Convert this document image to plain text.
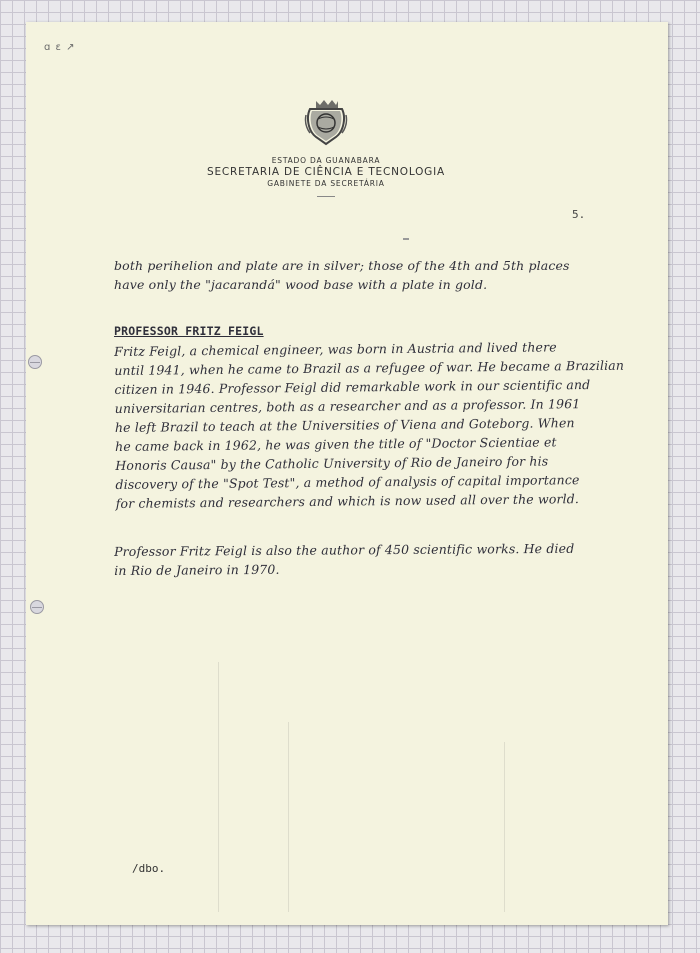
ɑ ɛ ↗
ESTADO DA GUANABARA
SECRETARIA DE CIÊNCIA E TECNOLOGIA
GABINETE DA SECRETÁRIA
5.

both perihelion and plate are in silver; those of the 4th and 5th places
have only the "jacarandá" wood base with a plate in gold.

PROFESSOR FRITZ FEIGL

Fritz Feigl, a chemical engineer, was born in Austria and lived there
until 1941, when he came to Brazil as a refugee of war. He became a Brazilian
citizen in 1946. Professor Feigl did remarkable work in our scientific and
universitarian centres, both as a researcher and as a professor. In 1961
he left Brazil to teach at the Universities of Viena and Goteborg. When
he came back in 1962, he was given the title of "Doctor Scientiae et
Honoris Causa" by the Catholic University of Rio de Janeiro for his
discovery of the "Spot Test", a method of analysis of capital importance
for chemists and researchers and which is now used all over the world.

Professor Fritz Feigl is also the author of 450 scientific works. He died
in Rio de Janeiro in 1970.

/dbo.
